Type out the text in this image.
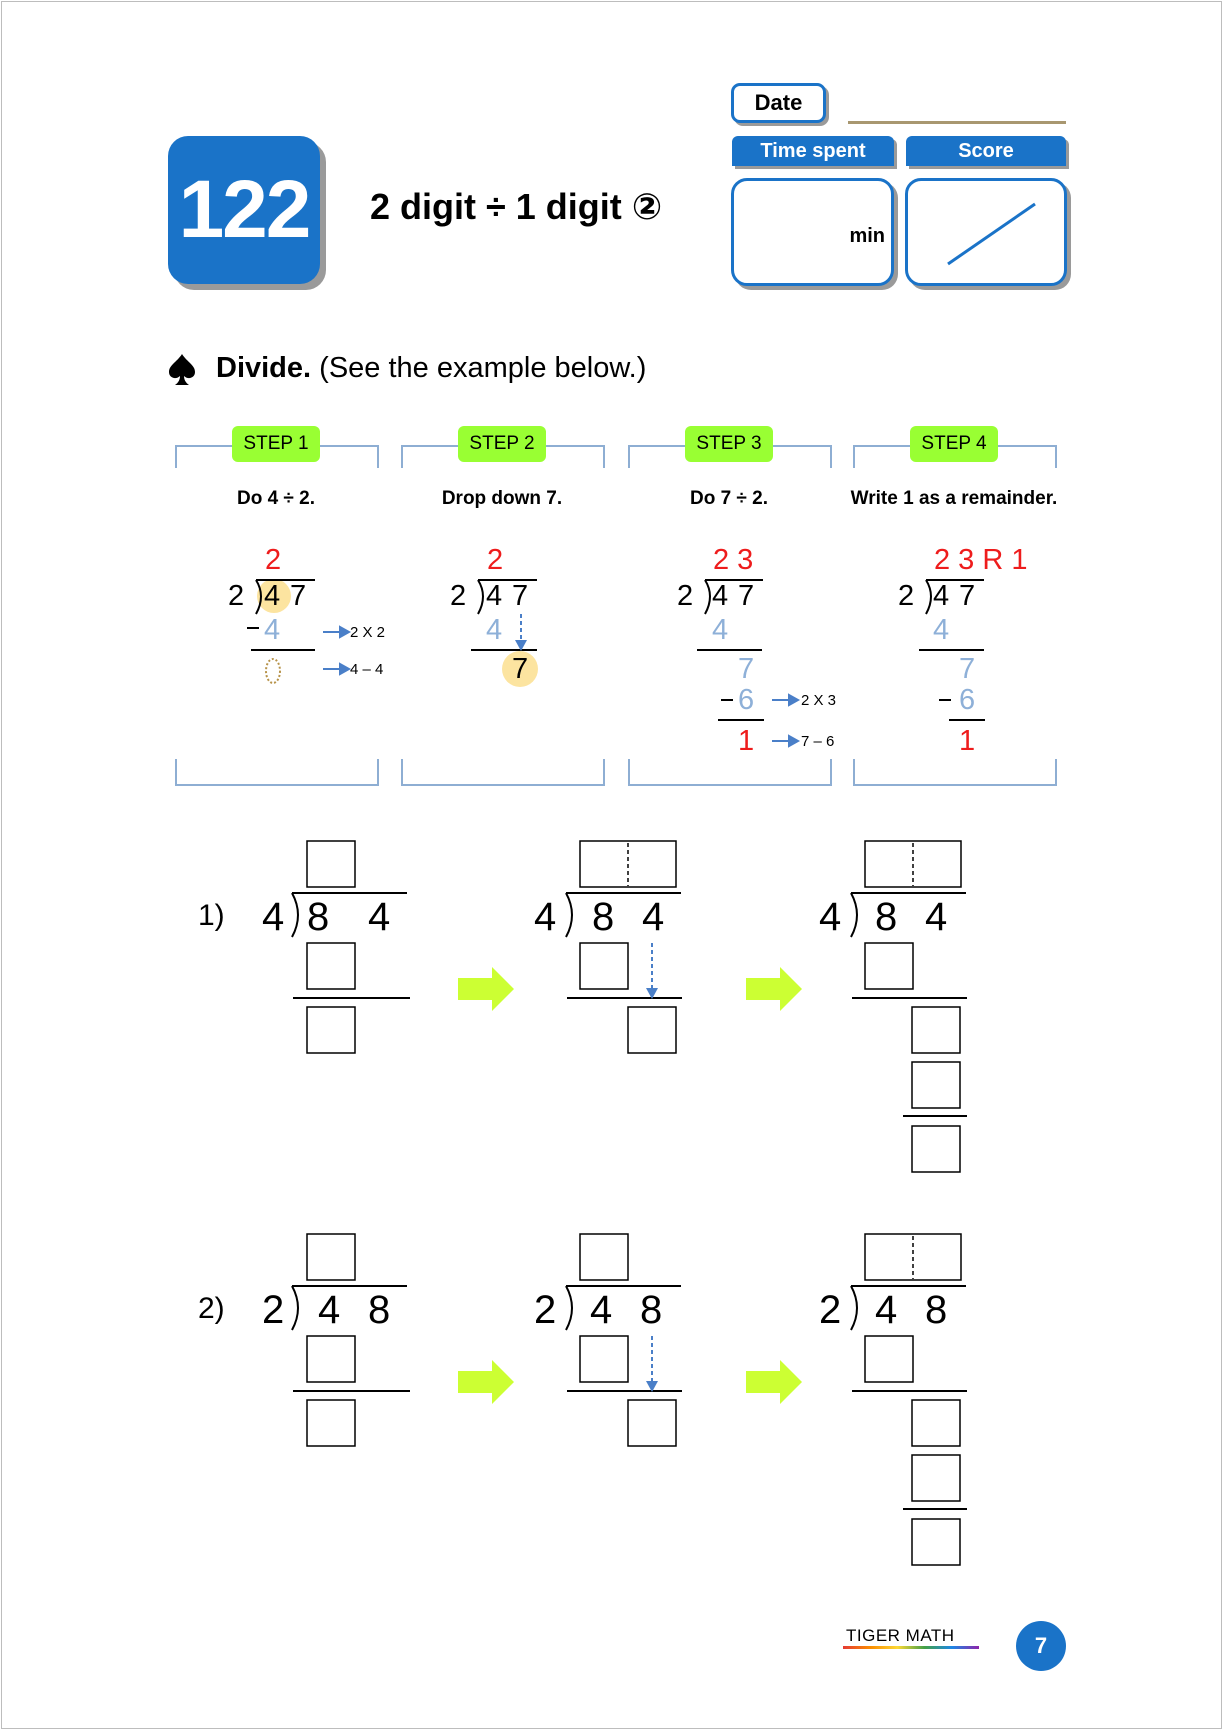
122 2 digit ÷ 1 digit ②
Date
Time spent
min
Score
Divide. (See the example below.)
STEP 1	STEP 2	STEP 3	STEP 4
Do 4 ÷ 2.	Drop down 7.	Do 7 ÷ 2.	Write 1 as a remainder.
2
2 4 7
4	2 X 2
4 – 4
2
2 4 7
4
7
2 3
2 4 7
4
7
6
1
2 X 3
7 – 6
2 3 R 1
2 4 7
4
7
6
1
1) 4 8 4	4 8 4	4 8 4
2) 2 4 8	2 4 8	2 4 8
TIGER MATH	7
